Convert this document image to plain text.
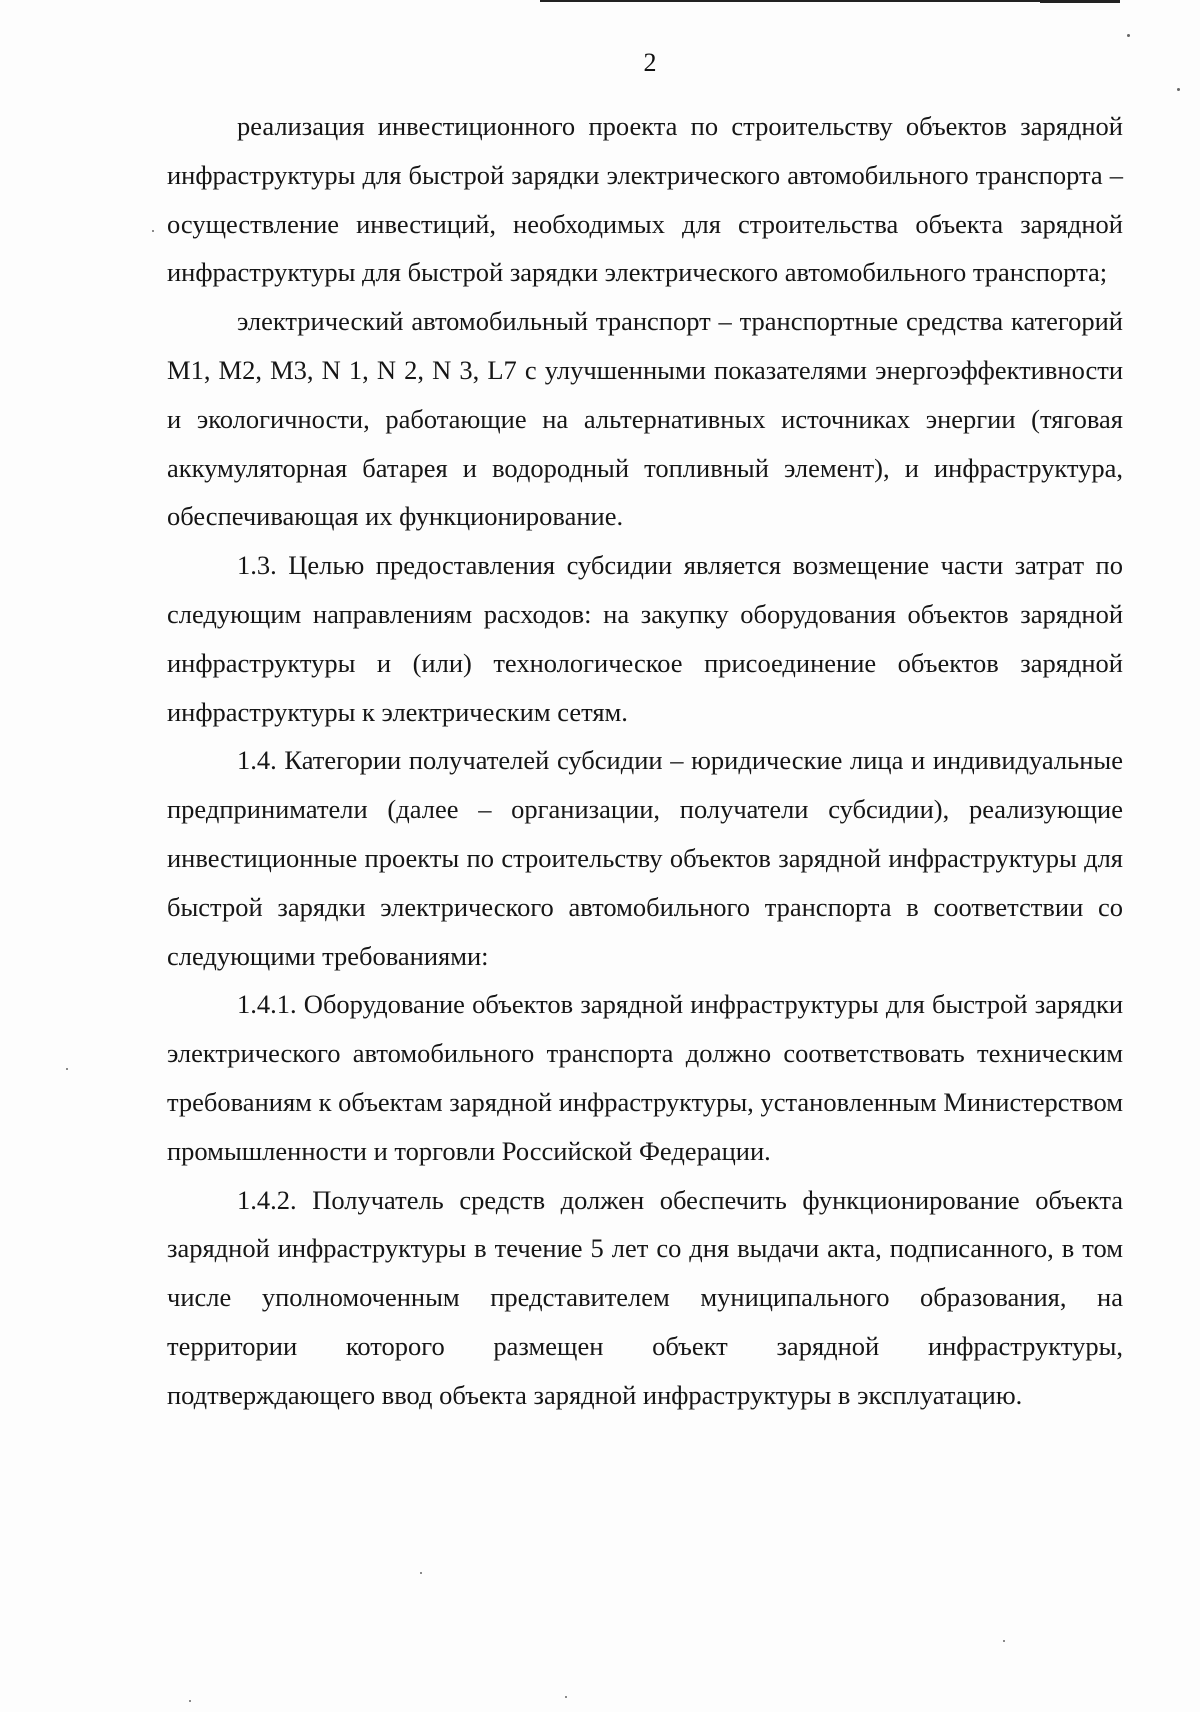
2

реализация инвестиционного проекта по строительству объектов зарядной инфраструктуры для быстрой зарядки электрического автомобильного транспорта – осуществление инвестиций, необходимых для строительства объекта зарядной инфраструктуры для быстрой зарядки электрического автомобильного транспорта;

электрический автомобильный транспорт – транспортные средства категорий M1, M2, M3, N 1, N 2, N 3, L7 с улучшенными показателями энергоэффективности и экологичности, работающие на альтернативных источниках энергии (тяговая аккумуляторная батарея и водородный топливный элемент), и инфраструктура, обеспечивающая их функционирование.

1.3. Целью предоставления субсидии является возмещение части затрат по следующим направлениям расходов: на закупку оборудования объектов зарядной инфраструктуры и (или) технологическое присоединение объектов зарядной инфраструктуры к электрическим сетям.

1.4. Категории получателей субсидии – юридические лица и индивидуальные предприниматели (далее – организации, получатели субсидии), реализующие инвестиционные проекты по строительству объектов зарядной инфраструктуры для быстрой зарядки электрического автомобильного транспорта в соответствии со следующими требованиями:

1.4.1. Оборудование объектов зарядной инфраструктуры для быстрой зарядки электрического автомобильного транспорта должно соответствовать техническим требованиям к объектам зарядной инфраструктуры, установленным Министерством промышленности и торговли Российской Федерации.

1.4.2. Получатель средств должен обеспечить функционирование объекта зарядной инфраструктуры в течение 5 лет со дня выдачи акта, подписанного, в том числе уполномоченным представителем муниципального образования, на территории которого размещен объект зарядной инфраструктуры, подтверждающего ввод объекта зарядной инфраструктуры в эксплуатацию.
